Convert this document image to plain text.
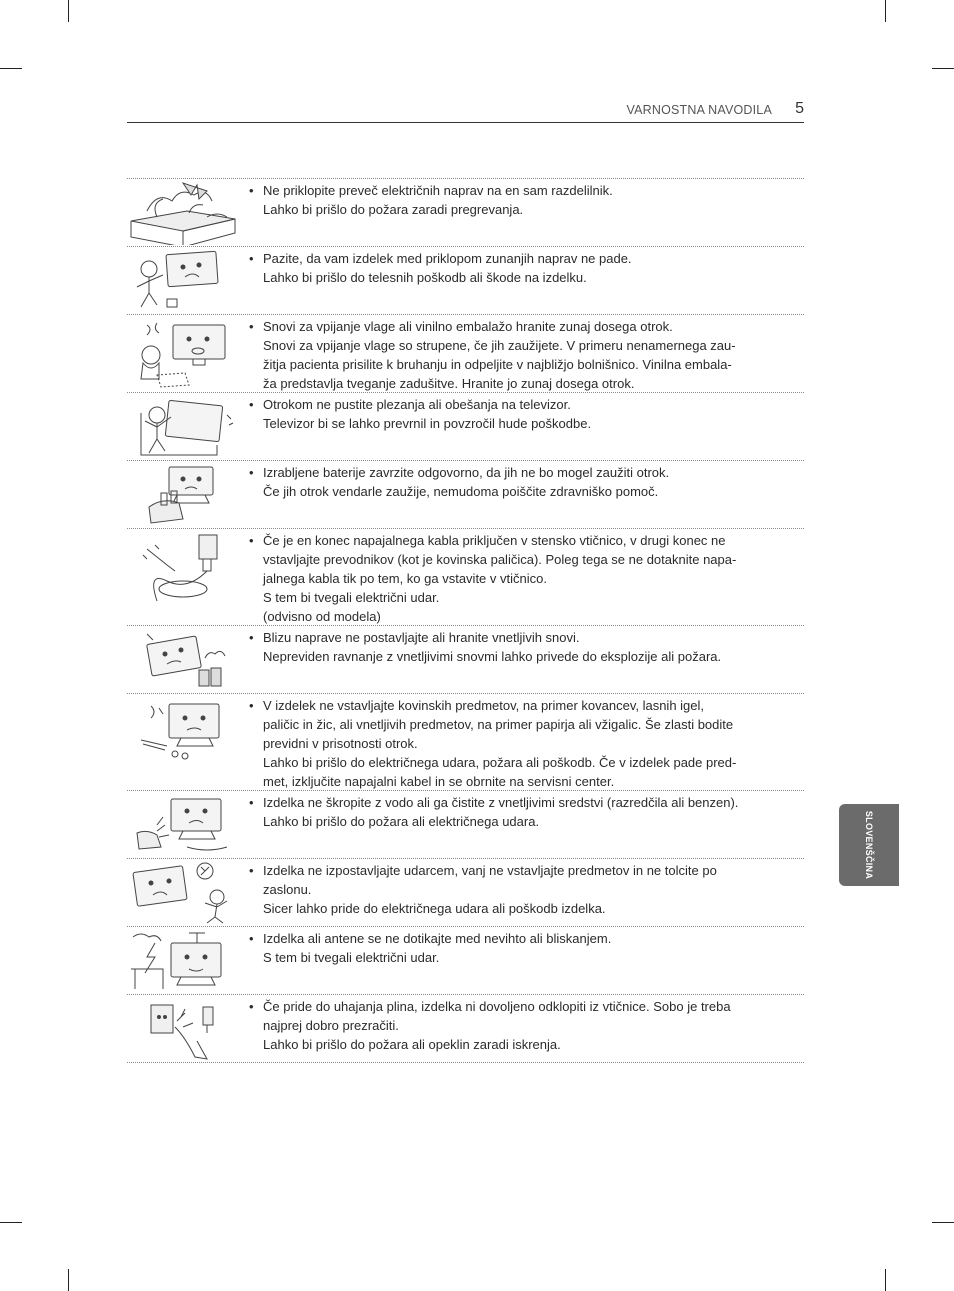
VARNOSTNA NAVODILA 5
SLOVENŠČINA
• Ne priklopite preveč električnih naprav na en sam razdelilnik.
Lahko bi prišlo do požara zaradi pregrevanja.
• Pazite, da vam izdelek med priklopom zunanjih naprav ne pade.
Lahko bi prišlo do telesnih poškodb ali škode na izdelku.
• Snovi za vpijanje vlage ali vinilno embalažo hranite zunaj dosega otrok.
Snovi za vpijanje vlage so strupene, če jih zaužijete. V primeru nenamernega zau-
žitja pacienta prisilite k bruhanju in odpeljite v najbližjo bolnišnico. Vinilna embala-
ža predstavlja tveganje zadušitve. Hranite jo zunaj dosega otrok.
• Otrokom ne pustite plezanja ali obešanja na televizor.
Televizor bi se lahko prevrnil in povzročil hude poškodbe.
• Izrabljene baterije zavrzite odgovorno, da jih ne bo mogel zaužiti otrok.
Če jih otrok vendarle zaužije, nemudoma poiščite zdravniško pomoč.
• Če je en konec napajalnega kabla priključen v stensko vtičnico, v drugi konec ne
vstavljajte prevodnikov (kot je kovinska paličica). Poleg tega se ne dotaknite napa-
jalnega kabla tik po tem, ko ga vstavite v vtičnico.
S tem bi tvegali električni udar.
(odvisno od modela)
• Blizu naprave ne postavljajte ali hranite vnetljivih snovi.
Nepreviden ravnanje z vnetljivimi snovmi lahko privede do eksplozije ali požara.
• V izdelek ne vstavljajte kovinskih predmetov, na primer kovancev, lasnih igel,
paličic in žic, ali vnetljivih predmetov, na primer papirja ali vžigalic. Še zlasti bodite
previdni v prisotnosti otrok.
Lahko bi prišlo do električnega udara, požara ali poškodb. Če v izdelek pade pred-
met, izključite napajalni kabel in se obrnite na servisni center.
• Izdelka ne škropite z vodo ali ga čistite z vnetljivimi sredstvi (razredčila ali benzen).
Lahko bi prišlo do požara ali električnega udara.
• Izdelka ne izpostavljajte udarcem, vanj ne vstavljajte predmetov in ne tolcite po
zaslonu.
Sicer lahko pride do električnega udara ali poškodb izdelka.
• Izdelka ali antene se ne dotikajte med nevihto ali bliskanjem.
S tem bi tvegali električni udar.
• Če pride do uhajanja plina, izdelka ni dovoljeno odklopiti iz vtičnice. Sobo je treba
najprej dobro prezračiti.
Lahko bi prišlo do požara ali opeklin zaradi iskrenja.
